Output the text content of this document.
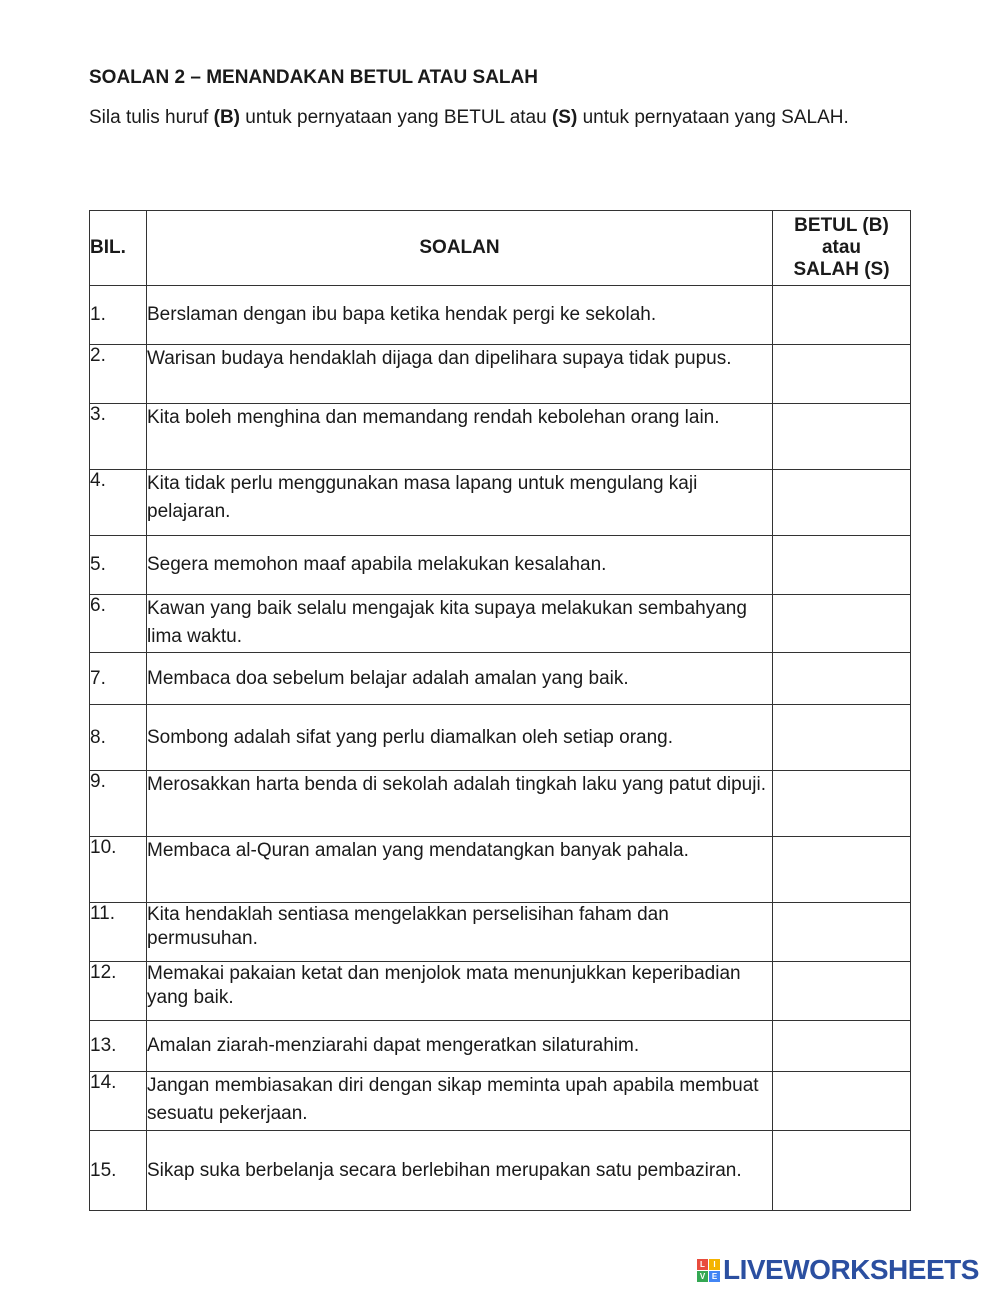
SOALAN 2 – MENANDAKAN BETUL ATAU SALAH
Sila tulis huruf (B) untuk pernyataan yang BETUL atau (S) untuk pernyataan yang SALAH.
BIL.	SOALAN	BETUL (B)
atau
SALAH (S)

1.	Berslaman dengan ibu bapa ketika hendak pergi ke sekolah.	
2.	Warisan budaya hendaklah dijaga dan dipelihara supaya tidak pupus.	
3.	Kita boleh menghina dan memandang rendah kebolehan orang lain.	
4.	Kita tidak perlu menggunakan masa lapang untuk mengulang kaji pelajaran.	
5.	Segera memohon maaf apabila melakukan kesalahan.	
6.	Kawan yang baik selalu mengajak kita supaya melakukan sembahyang lima waktu.	
7.	Membaca doa sebelum belajar adalah amalan yang baik.	
8.	Sombong adalah sifat yang perlu diamalkan oleh setiap orang.	
9.	Merosakkan harta benda di sekolah adalah tingkah laku yang patut dipuji.	
10.	Membaca al-Quran amalan yang mendatangkan banyak pahala.	
11.	Kita hendaklah sentiasa mengelakkan perselisihan faham dan permusuhan.	
12.	Memakai pakaian ketat dan menjolok mata menunjukkan keperibadian yang baik.	
13.	Amalan ziarah-menziarahi dapat mengeratkan silaturahim.	
14.	Jangan membiasakan diri dengan sikap meminta upah apabila membuat sesuatu pekerjaan.	
15.	Sikap suka berbelanja secara berlebihan merupakan satu pembaziran.	
L	I
V E LIVEWORKSHEETS
